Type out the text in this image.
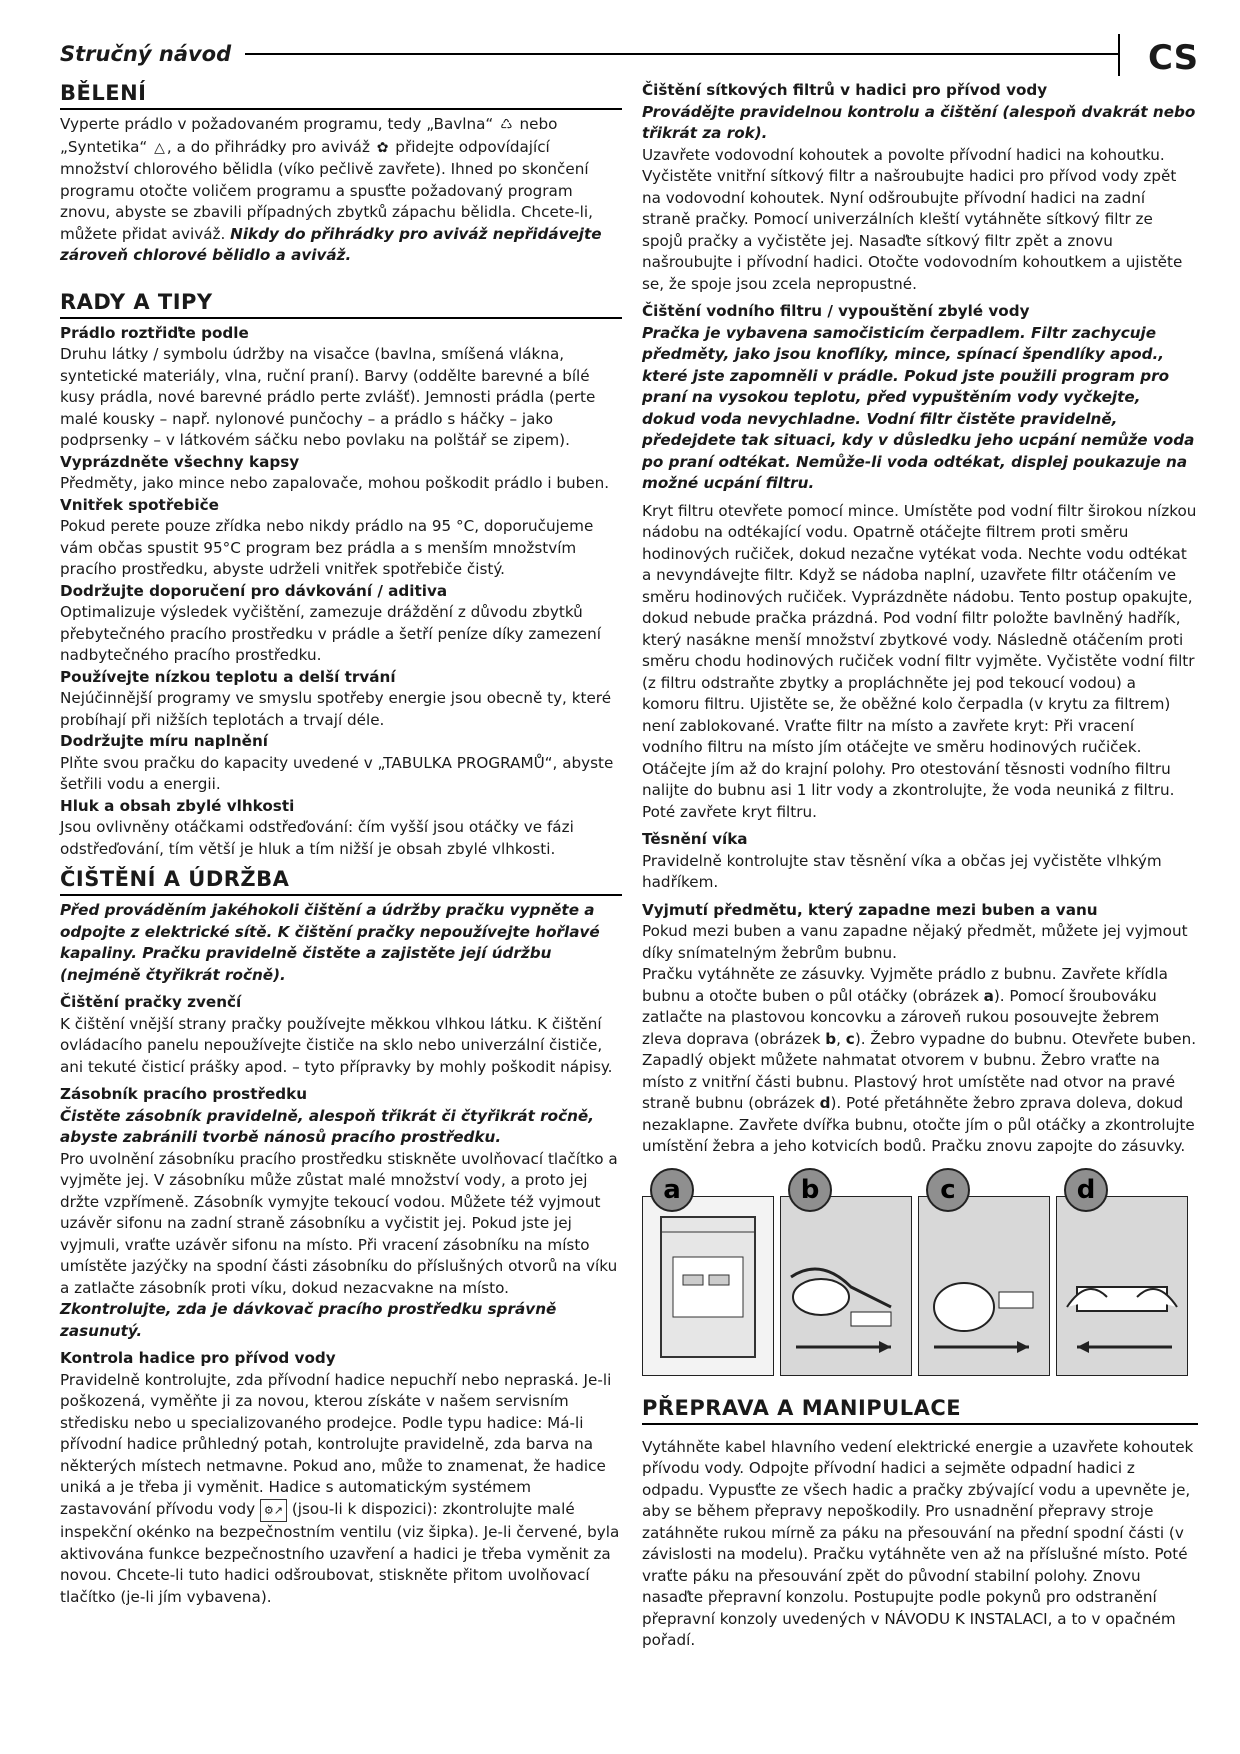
Stručný návod	CS
BĚLENÍ

Vyperte prádlo v požadovaném programu, tedy „Bavlna“ ♺ nebo „Syntetika“ △ , a do přihrádky pro aviváž ✿ přidejte odpovídající množství chlorového bělidla (víko pečlivě zavřete). Ihned po skončení programu otočte voličem programu a spusťte požadovaný program znovu, abyste se zbavili případných zbytků zápachu bělidla. Chcete-li, můžete přidat aviváž. Nikdy do přihrádky pro aviváž nepřidávejte zároveň chlorové bělidlo a aviváž.

RADY A TIPY
Prádlo roztřiďte podle

Druhu látky / symbolu údržby na visačce (bavlna, smíšená vlákna, syntetické materiály, vlna, ruční praní). Barvy (oddělte barevné a bílé kusy prádla, nové barevné prádlo perte zvlášť). Jemnosti prádla (perte malé kousky – např. nylonové punčochy – a prádlo s háčky – jako podprsenky – v látkovém sáčku nebo povlaku na polštář se zipem).

Vyprázdněte všechny kapsy

Předměty, jako mince nebo zapalovače, mohou poškodit prádlo i buben.

Vnitřek spotřebiče

Pokud perete pouze zřídka nebo nikdy prádlo na 95 °C, doporučujeme vám občas spustit 95°C program bez prádla a s menším množstvím pracího prostředku, abyste udrželi vnitřek spotřebiče čistý.

Dodržujte doporučení pro dávkování / aditiva

Optimalizuje výsledek vyčištění, zamezuje dráždění z důvodu zbytků přebytečného pracího prostředku v prádle a šetří peníze díky zamezení nadbytečného pracího prostředku.

Používejte nízkou teplotu a delší trvání

Nejúčinnější programy ve smyslu spotřeby energie jsou obecně ty, které probíhají při nižších teplotách a trvají déle.

Dodržujte míru naplnění

Plňte svou pračku do kapacity uvedené v „TABULKA PROGRAMŮ“, abyste šetřili vodu a energii.

Hluk a obsah zbylé vlhkosti

Jsou ovlivněny otáčkami odstřeďování: čím vyšší jsou otáčky ve fázi odstřeďování, tím větší je hluk a tím nižší je obsah zbylé vlhkosti.

ČIŠTĚNÍ A ÚDRŽBA

Před prováděním jakéhokoli čištění a údržby pračku vypněte a odpojte z elektrické sítě. K čištění pračky nepoužívejte hořlavé kapaliny. Pračku pravidelně čistěte a zajistěte její údržbu (nejméně čtyřikrát ročně).

Čištění pračky zvenčí

K čištění vnější strany pračky používejte měkkou vlhkou látku. K čištění ovládacího panelu nepoužívejte čističe na sklo nebo univerzální čističe, ani tekuté čisticí prášky apod. – tyto přípravky by mohly poškodit nápisy.

Zásobník pracího prostředku

Čistěte zásobník pravidelně, alespoň třikrát či čtyřikrát ročně, abyste zabránili tvorbě nánosů pracího prostředku.

Pro uvolnění zásobníku pracího prostředku stiskněte uvolňovací tlačítko a vyjměte jej. V zásobníku může zůstat malé množství vody, a proto jej držte vzpřímeně. Zásobník vymyjte tekoucí vodou. Můžete též vyjmout uzávěr sifonu na zadní straně zásobníku a vyčistit jej. Pokud jste jej vyjmuli, vraťte uzávěr sifonu na místo. Při vracení zásobníku na místo umístěte jazýčky na spodní části zásobníku do příslušných otvorů na víku a zatlačte zásobník proti víku, dokud nezacvakne na místo.

Zkontrolujte, zda je dávkovač pracího prostředku správně zasunutý.

Kontrola hadice pro přívod vody

Pravidelně kontrolujte, zda přívodní hadice nepuchří nebo nepraská. Je-li poškozená, vyměňte ji za novou, kterou získáte v našem servisním středisku nebo u specializovaného prodejce. Podle typu hadice: Má-li přívodní hadice průhledný potah, kontrolujte pravidelně, zda barva na některých místech netmavne. Pokud ano, může to znamenat, že hadice uniká a je třeba ji vyměnit. Hadice s automatickým systémem zastavování přívodu vody ⚙↗ (jsou-li k dispozici): zkontrolujte malé inspekční okénko na bezpečnostním ventilu (viz šipka). Je-li červené, byla aktivována funkce bezpečnostního uzavření a hadici je třeba vyměnit za novou. Chcete-li tuto hadici odšroubovat, stiskněte přitom uvolňovací tlačítko (je-li jím vybavena).

Čištění sítkových filtrů v hadici pro přívod vody

Provádějte pravidelnou kontrolu a čištění (alespoň dvakrát nebo třikrát za rok).

Uzavřete vodovodní kohoutek a povolte přívodní hadici na kohoutku. Vyčistěte vnitřní sítkový filtr a našroubujte hadici pro přívod vody zpět na vodovodní kohoutek. Nyní odšroubujte přívodní hadici na zadní straně pračky. Pomocí univerzálních kleští vytáhněte sítkový filtr ze spojů pračky a vyčistěte jej. Nasaďte sítkový filtr zpět a znovu našroubujte i přívodní hadici. Otočte vodovodním kohoutkem a ujistěte se, že spoje jsou zcela nepropustné.

Čištění vodního filtru / vypouštění zbylé vody

Pračka je vybavena samočisticím čerpadlem. Filtr zachycuje předměty, jako jsou knoflíky, mince, spínací špendlíky apod., které jste zapomněli v prádle. Pokud jste použili program pro praní na vysokou teplotu, před vypuštěním vody vyčkejte, dokud voda nevychladne. Vodní filtr čistěte pravidelně, předejdete tak situaci, kdy v důsledku jeho ucpání nemůže voda po praní odtékat. Nemůže-li voda odtékat, displej poukazuje na možné ucpání filtru.

Kryt filtru otevřete pomocí mince. Umístěte pod vodní filtr širokou nízkou nádobu na odtékající vodu. Opatrně otáčejte filtrem proti směru hodinových ručiček, dokud nezačne vytékat voda. Nechte vodu odtékat a nevyndávejte filtr. Když se nádoba naplní, uzavřete filtr otáčením ve směru hodinových ručiček. Vyprázdněte nádobu. Tento postup opakujte, dokud nebude pračka prázdná. Pod vodní filtr položte bavlněný hadřík, který nasákne menší množství zbytkové vody. Následně otáčením proti směru chodu hodinových ručiček vodní filtr vyjměte. Vyčistěte vodní filtr (z filtru odstraňte zbytky a propláchněte jej pod tekoucí vodou) a komoru filtru. Ujistěte se, že oběžné kolo čerpadla (v krytu za filtrem) není zablokované. Vraťte filtr na místo a zavřete kryt: Při vracení vodního filtru na místo jím otáčejte ve směru hodinových ručiček. Otáčejte jím až do krajní polohy. Pro otestování těsnosti vodního filtru nalijte do bubnu asi 1 litr vody a zkontrolujte, že voda neuniká z filtru. Poté zavřete kryt filtru.

Těsnění víka

Pravidelně kontrolujte stav těsnění víka a občas jej vyčistěte vlhkým hadříkem.

Vyjmutí předmětu, který zapadne mezi buben a vanu

Pokud mezi buben a vanu zapadne nějaký předmět, můžete jej vyjmout díky snímatelným žebrům bubnu.

Pračku vytáhněte ze zásuvky. Vyjměte prádlo z bubnu. Zavřete křídla bubnu a otočte buben o půl otáčky (obrázek a). Pomocí šroubováku zatlačte na plastovou koncovku a zároveň rukou posouvejte žebrem zleva doprava (obrázek b, c). Žebro vypadne do bubnu. Otevřete buben. Zapadlý objekt můžete nahmatat otvorem v bubnu. Žebro vraťte na místo z vnitřní části bubnu. Plastový hrot umístěte nad otvor na pravé straně bubnu (obrázek d). Poté přetáhněte žebro zprava doleva, dokud nezaklapne. Zavřete dvířka bubnu, otočte jím o půl otáčky a zkontrolujte umístění žebra a jeho kotvicích bodů. Pračku znovu zapojte do zásuvky.

a	b	c	d
PŘEPRAVA A MANIPULACE

Vytáhněte kabel hlavního vedení elektrické energie a uzavřete kohoutek přívodu vody. Odpojte přívodní hadici a sejměte odpadní hadici z odpadu. Vypusťte ze všech hadic a pračky zbývající vodu a upevněte je, aby se během přepravy nepoškodily. Pro usnadnění přepravy stroje zatáhněte rukou mírně za páku na přesouvání na přední spodní části (v závislosti na modelu). Pračku vytáhněte ven až na příslušné místo. Poté vraťte páku na přesouvání zpět do původní stabilní polohy. Znovu nasaďte přepravní konzolu. Postupujte podle pokynů pro odstranění přepravní konzoly uvedených v NÁVODU K INSTALACI, a to v opačném pořadí.
